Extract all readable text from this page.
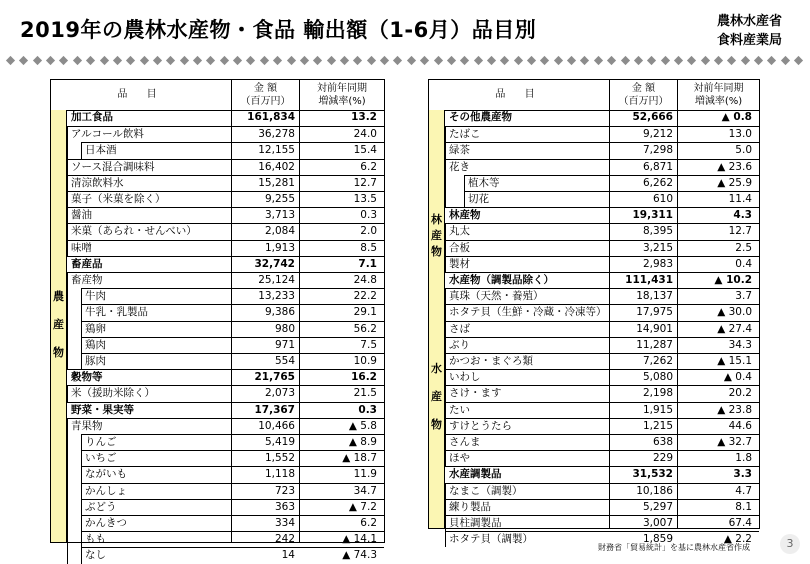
2019年の農林水産物・食品 輸出額（1-6月）品目別	農林水産省
食料産業局
品 目
金 額
（百万円）
対前年同期
増減率(%)
農
産
物
加工食品	161,834	13.2
アルコール飲料	36,278	24.0
日本酒	12,155	15.4
ソース混合調味料	16,402	6.2
清涼飲料水	15,281	12.7
菓子（米菓を除く）	9,255	13.5
醤油	3,713	0.3
米菓（あられ・せんべい）	2,084	2.0
味噌	1,913	8.5
畜産品	32,742	7.1
畜産物	25,124	24.8
牛肉	13,233	22.2
牛乳・乳製品	9,386	29.1
鶏卵	980	56.2
鶏肉	971	7.5
豚肉	554	10.9
穀物等	21,765	16.2
米（援助米除く）	2,073	21.5
野菜・果実等	17,367	0.3
青果物	10,466	▲ 5.8
りんご	5,419	▲ 8.9
いちご	1,552	▲ 18.7
ながいも	1,118	11.9
かんしょ	723	34.7
ぶどう	363	▲ 7.2
かんきつ	334	6.2
もも	242	▲ 14.1
なし	14	▲ 74.3
品 目
金 額
（百万円）
対前年同期
増減率(%)
林
産
物
水
産
物
その他農産物	52,666	▲ 0.8
たばこ	9,212	13.0
緑茶	7,298	5.0
花き	6,871	▲ 23.6
植木等	6,262	▲ 25.9
切花	610	11.4
林産物	19,311	4.3
丸太	8,395	12.7
合板	3,215	2.5
製材	2,983	0.4
水産物（調製品除く）	111,431	▲ 10.2
真珠（天然・養殖）	18,137	3.7
ホタテ貝（生鮮・冷蔵・冷凍等）	17,975	▲ 30.0
さば	14,901	▲ 27.4
ぶり	11,287	34.3
かつお・まぐろ類	7,262	▲ 15.1
いわし	5,080	▲ 0.4
さけ・ます	2,198	20.2
たい	1,915	▲ 23.8
すけとうたら	1,215	44.6
さんま	638	▲ 32.7
ほや	229	1.8
水産調製品	31,532	3.3
なまこ（調製）	10,186	4.7
練り製品	5,297	8.1
貝柱調製品	3,007	67.4
ホタテ貝（調製）	1,859	▲ 2.2
財務省「貿易統計」を基に農林水産省作成	3
